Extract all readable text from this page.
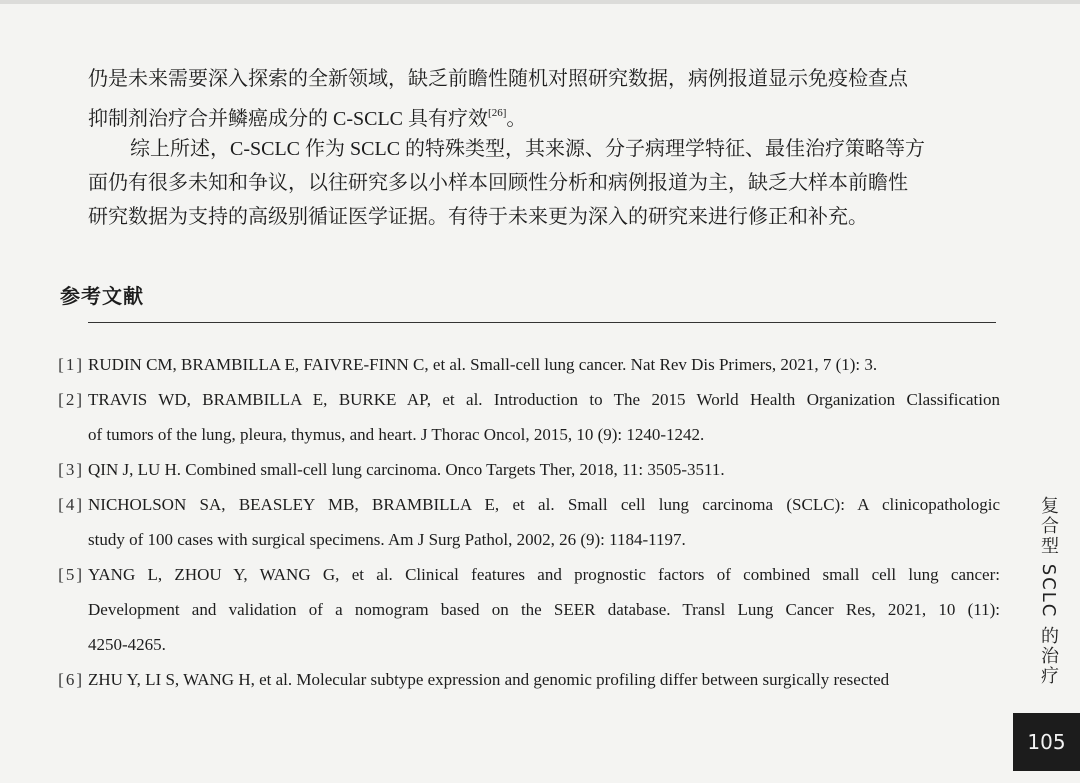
仍是未来需要深入探索的全新领域，缺乏前瞻性随机对照研究数据，病例报道显示免疫检查点
抑制剂治疗合并鳞癌成分的 C-SCLC 具有疗效[26]。

综上所述，C-SCLC 作为 SCLC 的特殊类型，其来源、分子病理学特征、最佳治疗策略等方
面仍有很多未知和争议，以往研究多以小样本回顾性分析和病例报道为主，缺乏大样本前瞻性
研究数据为支持的高级别循证医学证据。有待于未来更为深入的研究来进行修正和补充。

参考文献
[1] RUDIN CM, BRAMBILLA E, FAIVRE-FINN C, et al. Small-cell lung cancer. Nat Rev Dis Primers, 2021, 7 (1): 3.
[2] TRAVIS WD, BRAMBILLA E, BURKE AP, et al. Introduction to The 2015 World Health Organization Classification
of tumors of the lung, pleura, thymus, and heart. J Thorac Oncol, 2015, 10 (9): 1240-1242.
[3] QIN J, LU H. Combined small-cell lung carcinoma. Onco Targets Ther, 2018, 11: 3505-3511.
[4] NICHOLSON SA, BEASLEY MB, BRAMBILLA E, et al. Small cell lung carcinoma (SCLC): A clinicopathologic
study of 100 cases with surgical specimens. Am J Surg Pathol, 2002, 26 (9): 1184-1197.
[5] YANG L, ZHOU Y, WANG G, et al. Clinical features and prognostic factors of combined small cell lung cancer:
Development and validation of a nomogram based on the SEER database. Transl Lung Cancer Res, 2021, 10 (11):
4250-4265.
[6] ZHU Y, LI S, WANG H, et al. Molecular subtype expression and genomic profiling differ between surgically resected	复合型 SCLC 的治疗
105
